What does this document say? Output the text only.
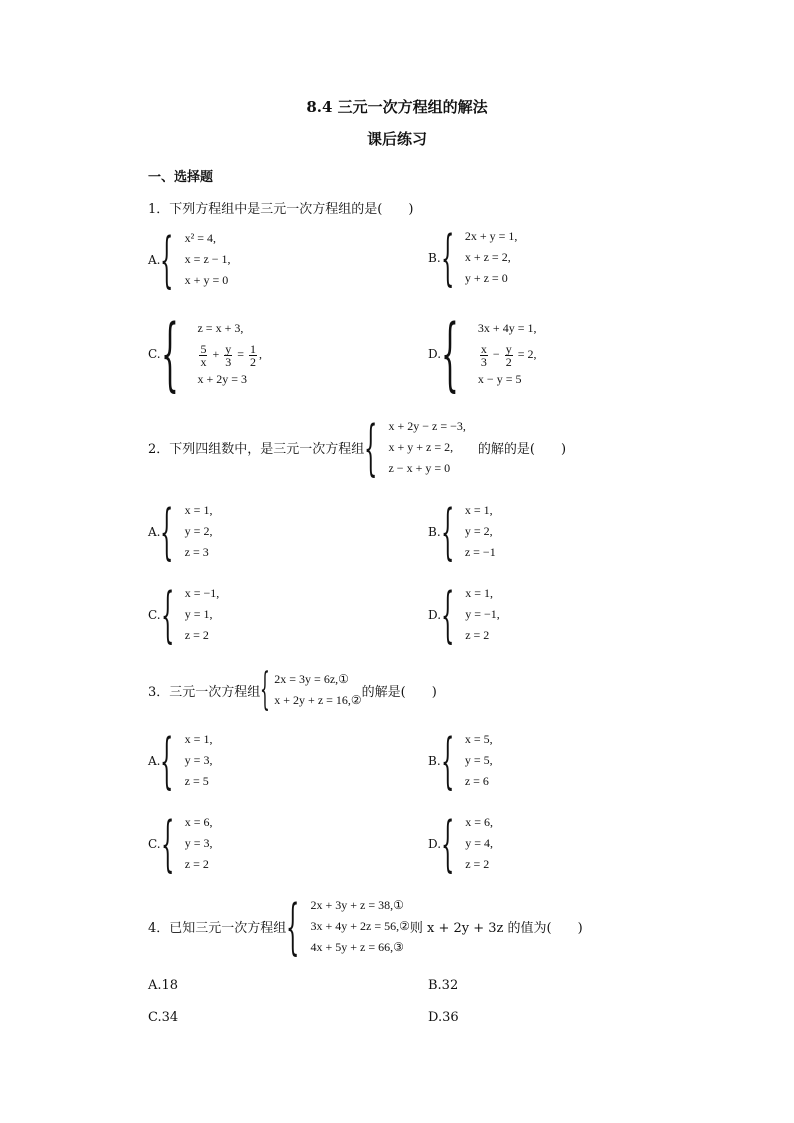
8.4 三元一次方程组的解法
课后练习
一、选择题
1．下列方程组中是三元一次方程组的是(　　)
A. { x² = 4,
x = z − 1,
x + y = 0
B. { 2x + y = 1,
x + z = 2,
y + z = 0
C. { z = x + 3,
$\frac{5}{x} + \frac{y}{3} = \frac{1}{2}$ ,
x + 2y = 3
D. { 3x + 4y = 1,
$\frac{x}{3} - \frac{y}{2} = 2$,
x − y = 5
2．下列四组数中，是三元一次方程组 { x + 2y − z = −3,
x + y + z = 2,
z − x + y = 0
的解的是(　　)
A. { x = 1,
y = 2,
z = 3
B. { x = 1,
y = 2,
z = −1
C. { x = −1,
y = 1,
z = 2
D. { x = 1,
y = −1,
z = 2
3．三元一次方程组 { 2x = 3y = 6z,①
x + 2y + z = 16,②
的解是(　　)
A. { x = 1,
y = 3,
z = 5
B. { x = 5,
y = 5,
z = 6
C. { x = 6,
y = 3,
z = 2
D. { x = 6,
y = 4,
z = 2
4．已知三元一次方程组 { 2x + 3y + z = 38,①
3x + 4y + 2z = 56,②
4x + 5y + z = 66,③
则 x + 2y + 3z 的值为(　　)
A.18	B.32
C.34	D.36
